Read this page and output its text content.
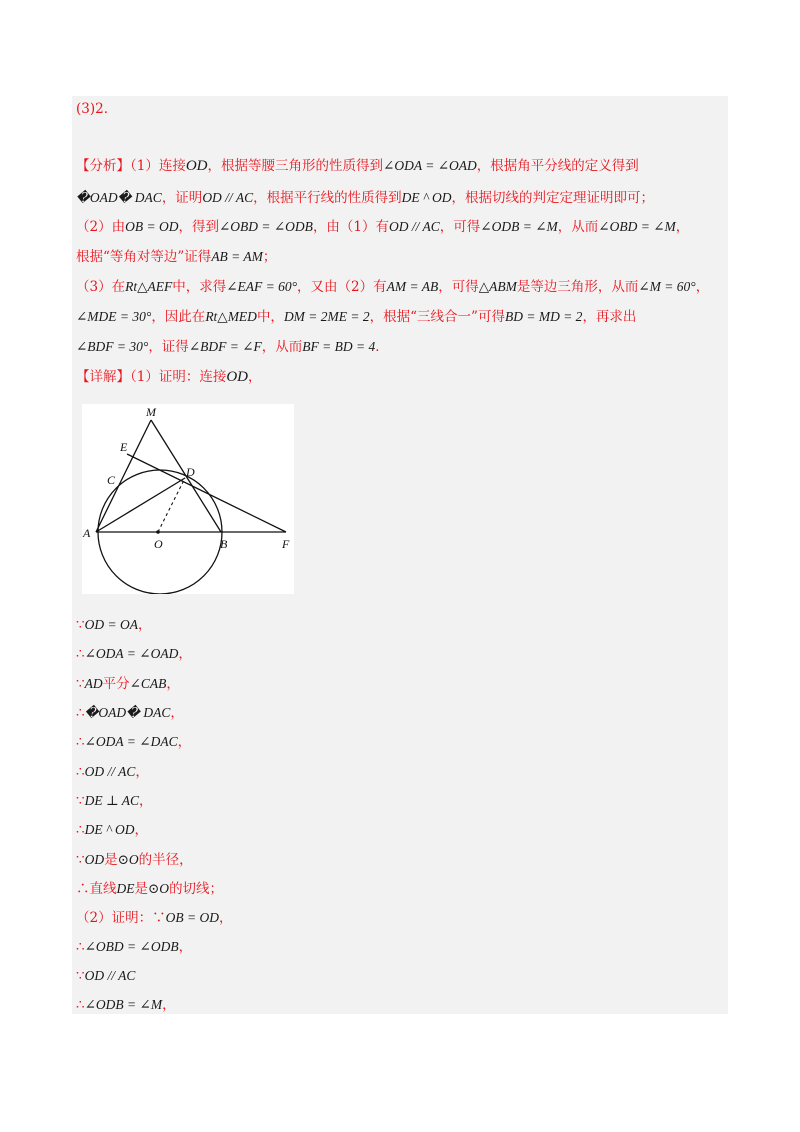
(3)2．
【分析】（1）连接OD，根据等腰三角形的性质得到∠ODA = ∠OAD，根据角平分线的定义得到
�OAD� DAC，证明OD // AC，根据平行线的性质得到DE ^ OD，根据切线的判定定理证明即可；
（2）由OB = OD，得到∠OBD = ∠ODB，由（1）有OD // AC，可得∠ODB = ∠M，从而∠OBD = ∠M，
根据“等角对等边”证得AB = AM；
（3）在Rt△AEF中，求得∠EAF = 60°，又由（2）有AM = AB，可得△ABM是等边三角形，从而∠M = 60°，
∠MDE = 30°，因此在Rt△MED中，DM = 2ME = 2，根据“三线合一”可得BD = MD = 2，再求出
∠BDF = 30°，证得∠BDF = ∠F，从而BF = BD = 4．
【详解】（1）证明：连接OD，
∵OD = OA，
∴∠ODA = ∠OAD，
∵AD平分∠CAB，
∴�OAD� DAC，
∴∠ODA = ∠DAC，
∴OD // AC，
∵DE ⊥ AC，
∴DE ^ OD，
∵OD是⊙O的半径，
∴直线DE是⊙O的切线；
（2）证明：∵OB = OD，
∴∠OBD = ∠ODB，
∵OD // AC
∴∠ODB = ∠M，
M
E
C
D
A
O	B	F
